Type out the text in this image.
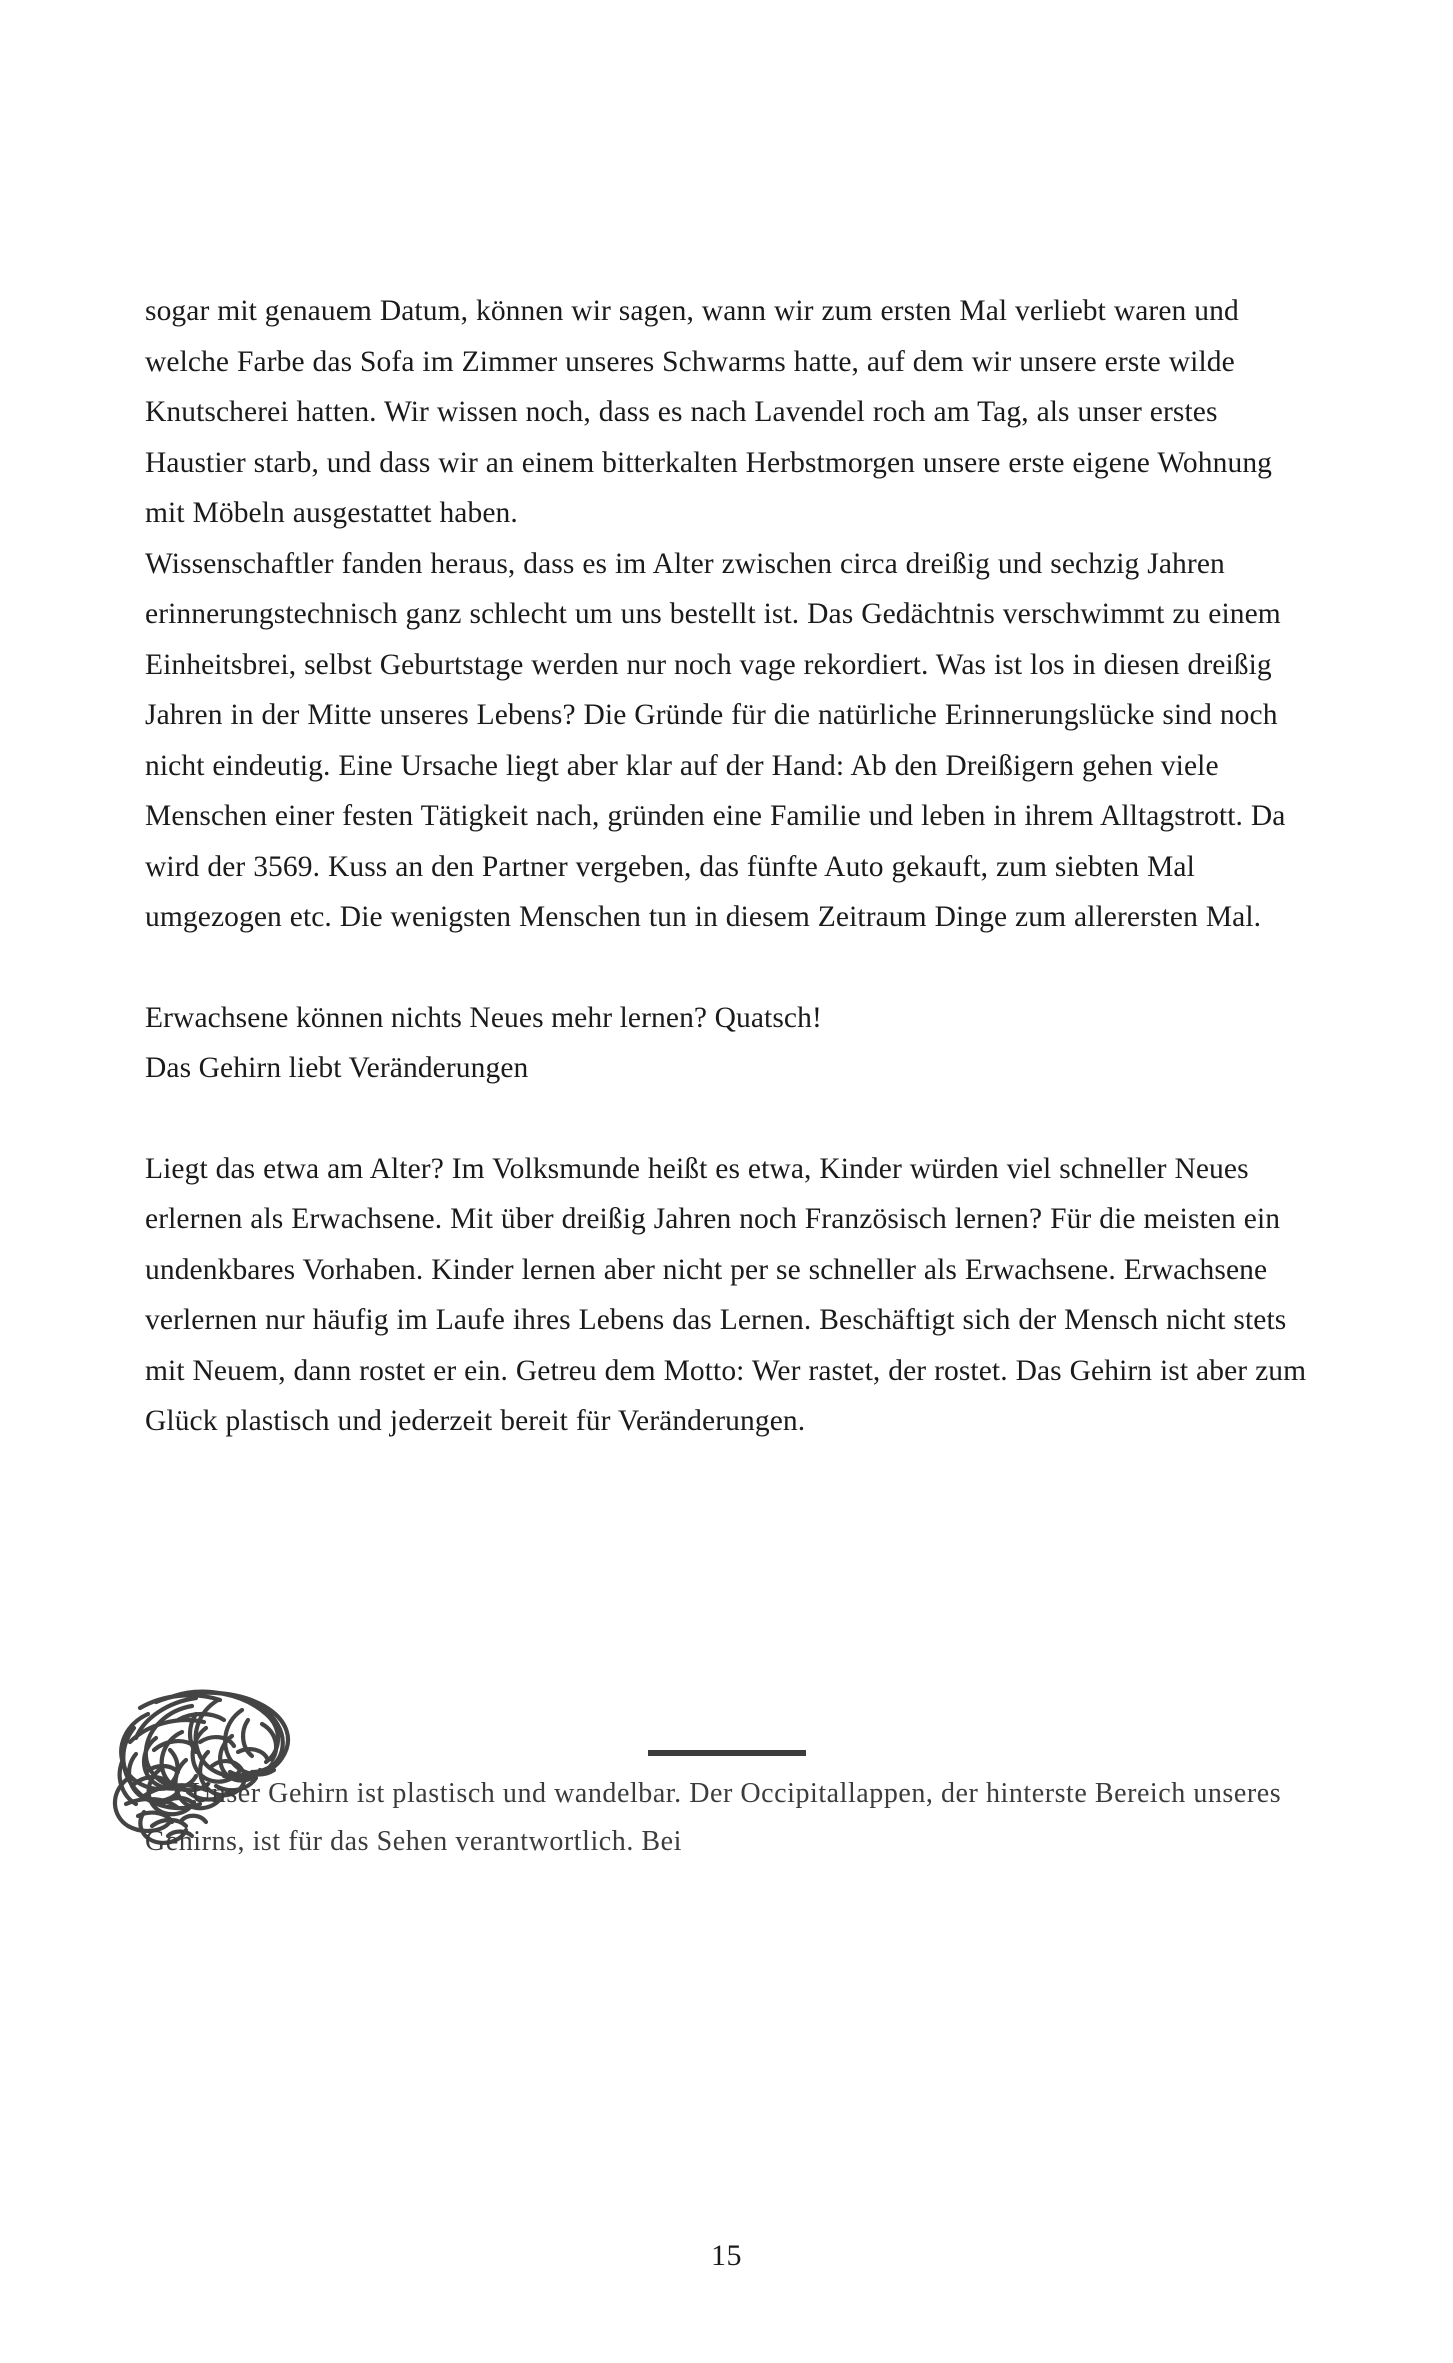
sogar mit genauem Datum, können wir sagen, wann wir zum ersten Mal verliebt waren und welche Farbe das Sofa im Zimmer unseres Schwarms hatte, auf dem wir unsere erste wilde Knutscherei hatten. Wir wissen noch, dass es nach Lavendel roch am Tag, als unser erstes Haustier starb, und dass wir an einem bitterkalten Herbstmorgen unsere erste eigene Wohnung mit Möbeln ausgestattet haben.

Wissenschaftler fanden heraus, dass es im Alter zwischen circa dreißig und sechzig Jahren erinnerungstechnisch ganz schlecht um uns bestellt ist. Das Gedächtnis verschwimmt zu einem Einheitsbrei, selbst Geburtstage werden nur noch vage rekordiert. Was ist los in diesen dreißig Jahren in der Mitte unseres Lebens? Die Gründe für die natürliche Erinnerungslücke sind noch nicht eindeutig. Eine Ursache liegt aber klar auf der Hand: Ab den Dreißigern gehen viele Menschen einer festen Tätigkeit nach, gründen eine Familie und leben in ihrem Alltagstrott. Da wird der 3569. Kuss an den Partner vergeben, das fünfte Auto gekauft, zum siebten Mal umgezogen etc. Die wenigsten Menschen tun in diesem Zeitraum Dinge zum allerersten Mal.

Erwachsene können nichts Neues mehr lernen? Quatsch!

Das Gehirn liebt Veränderungen

Liegt das etwa am Alter? Im Volksmunde heißt es etwa, Kinder würden viel schneller Neues erlernen als Erwachsene. Mit über dreißig Jahren noch Französisch lernen? Für die meisten ein undenkbares Vorhaben. Kinder lernen aber nicht per se schneller als Erwachsene. Erwachsene verlernen nur häufig im Laufe ihres Lebens das Lernen. Beschäftigt sich der Mensch nicht stets mit Neuem, dann rostet er ein. Getreu dem Motto: Wer rastet, der rostet. Das Gehirn ist aber zum Glück plastisch und jederzeit bereit für Veränderungen.

Unser Gehirn ist plastisch und wandelbar. Der Occipitallappen, der hinterste Bereich unseres Gehirns, ist für das Sehen verantwortlich. Bei

15
